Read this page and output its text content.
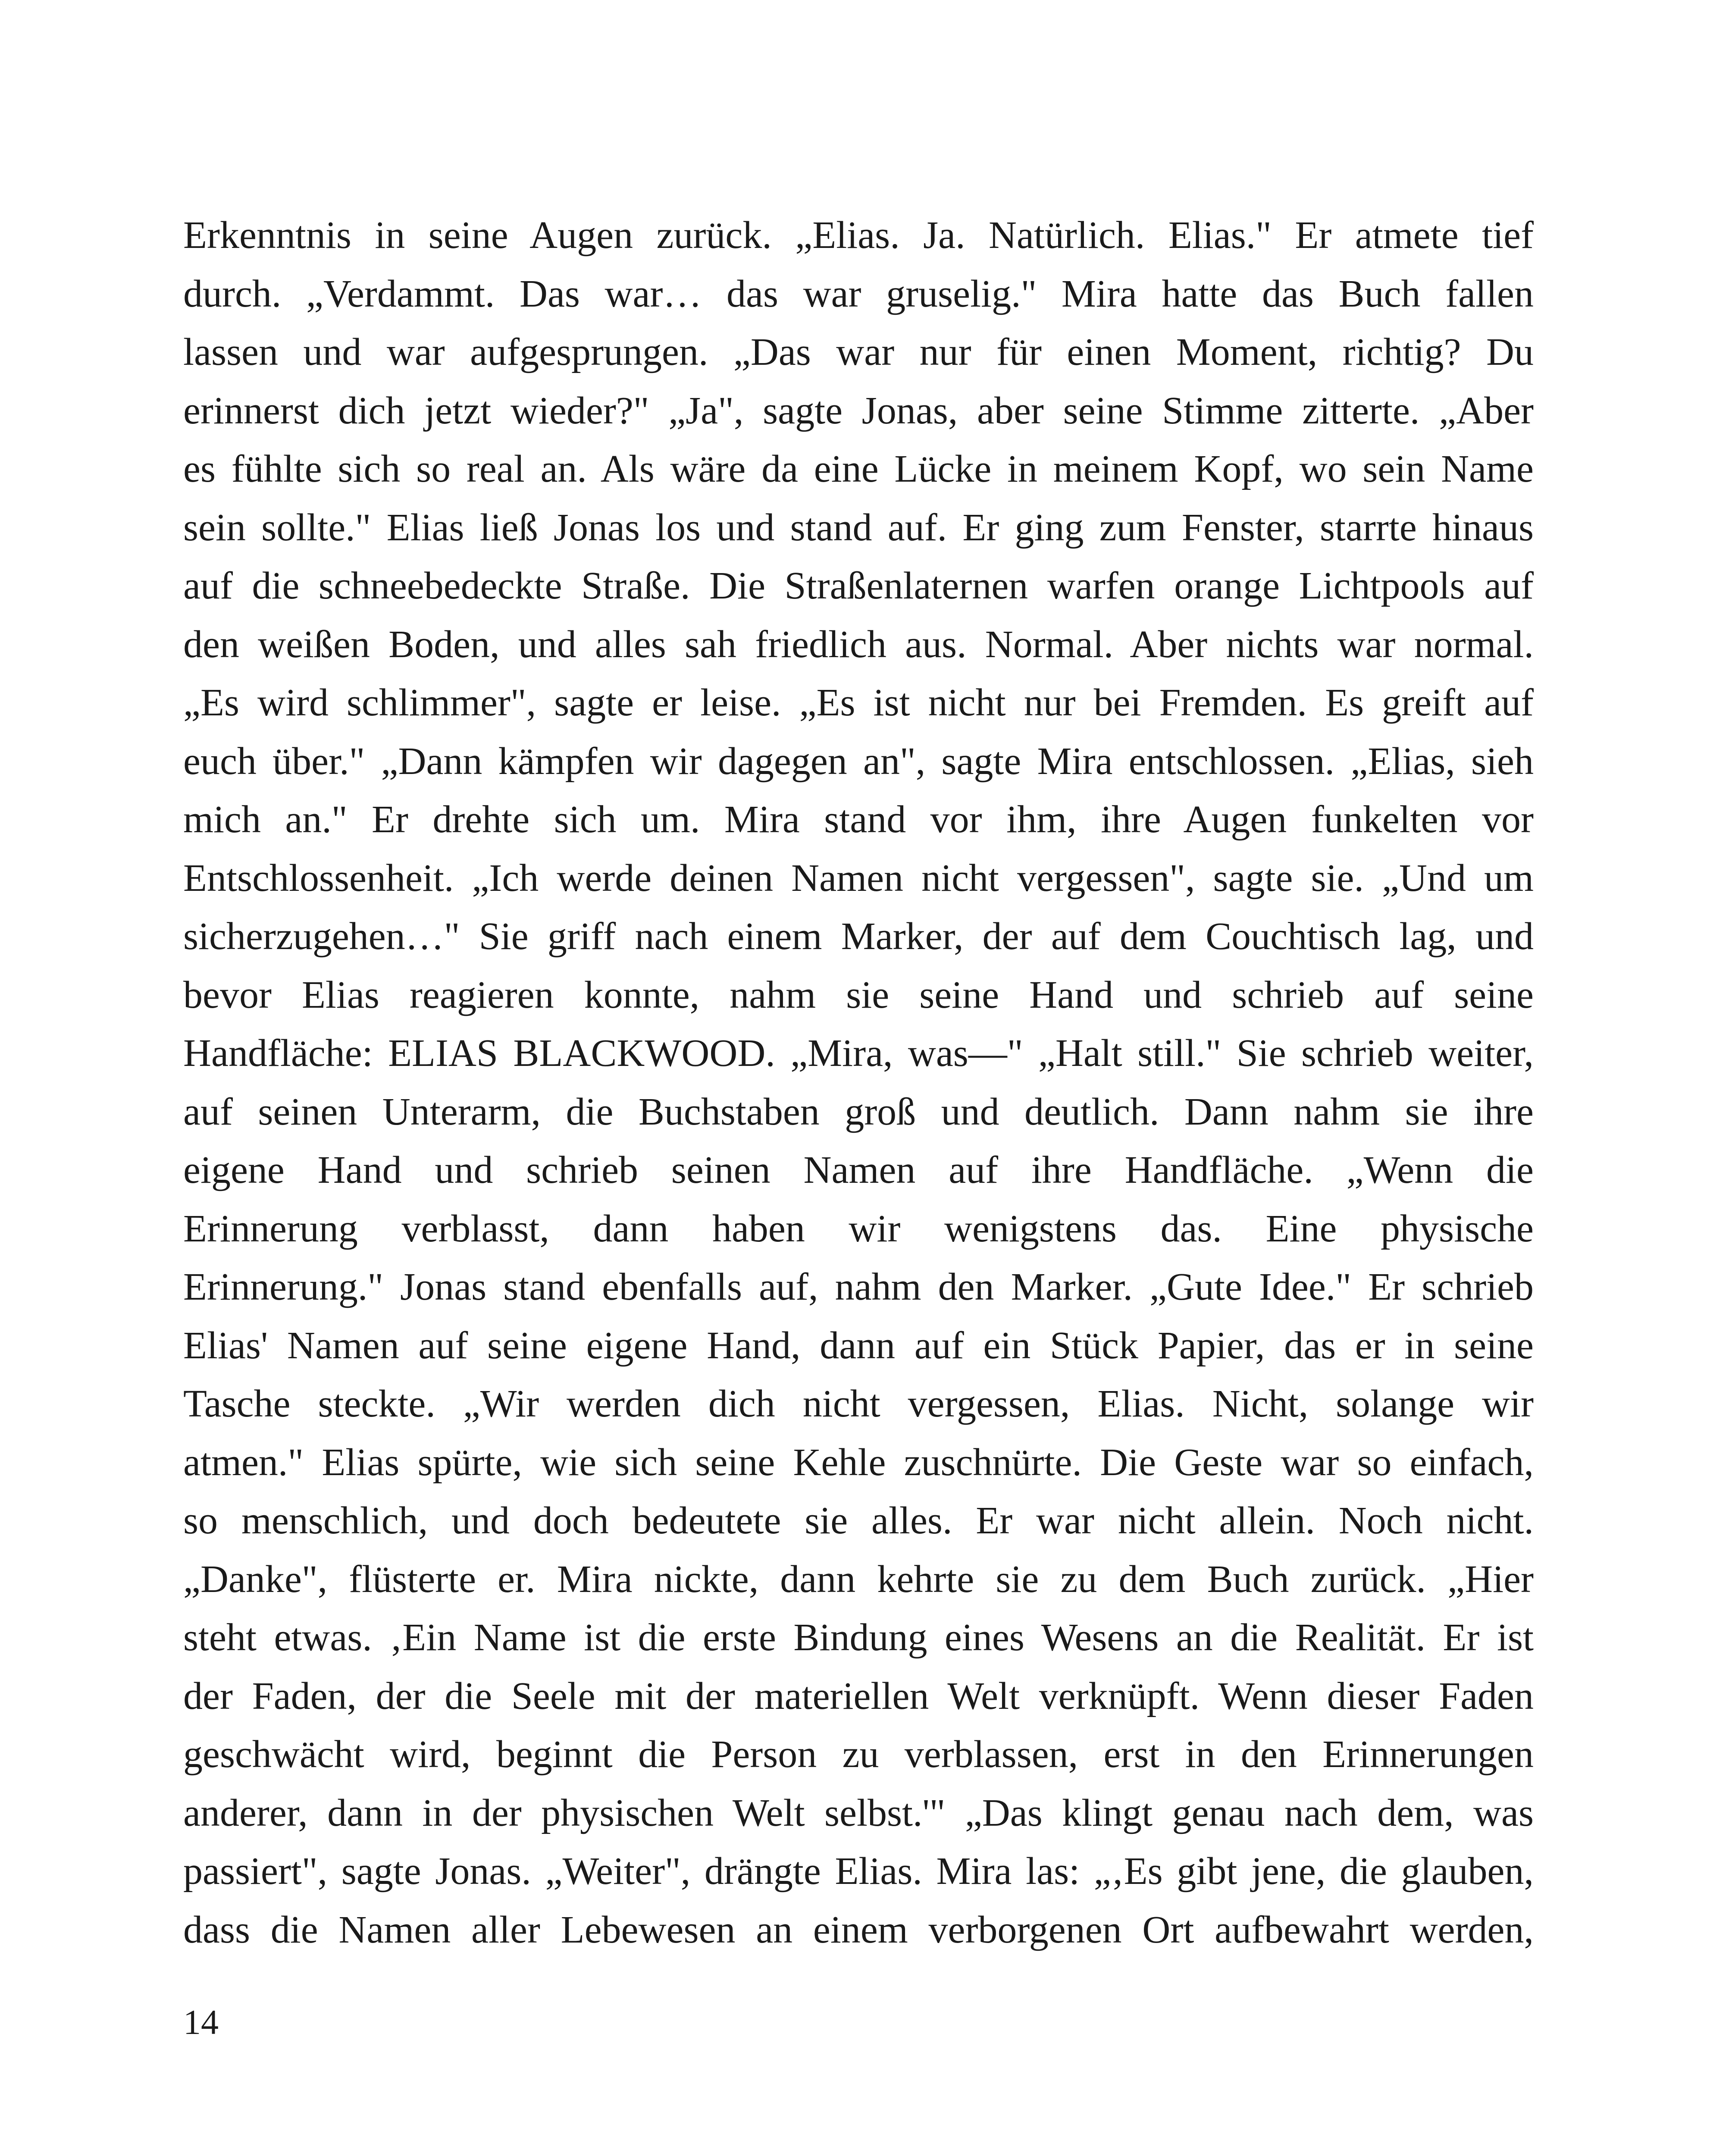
Erkenntnis in seine Augen zurück. „Elias. Ja. Natürlich. Elias." Er atmete tief
durch. „Verdammt. Das war… das war gruselig." Mira hatte das Buch fallen
lassen und war aufgesprungen. „Das war nur für einen Moment, richtig? Du
erinnerst dich jetzt wieder?" „Ja", sagte Jonas, aber seine Stimme zitterte. „Aber
es fühlte sich so real an. Als wäre da eine Lücke in meinem Kopf, wo sein Name
sein sollte." Elias ließ Jonas los und stand auf. Er ging zum Fenster, starrte hinaus
auf die schneebedeckte Straße. Die Straßenlaternen warfen orange Lichtpools auf
den weißen Boden, und alles sah friedlich aus. Normal. Aber nichts war normal.
„Es wird schlimmer", sagte er leise. „Es ist nicht nur bei Fremden. Es greift auf
euch über." „Dann kämpfen wir dagegen an", sagte Mira entschlossen. „Elias, sieh
mich an." Er drehte sich um. Mira stand vor ihm, ihre Augen funkelten vor
Entschlossenheit. „Ich werde deinen Namen nicht vergessen", sagte sie. „Und um
sicherzugehen…" Sie griff nach einem Marker, der auf dem Couchtisch lag, und
bevor Elias reagieren konnte, nahm sie seine Hand und schrieb auf seine
Handfläche: ELIAS BLACKWOOD. „Mira, was—" „Halt still." Sie schrieb weiter,
auf seinen Unterarm, die Buchstaben groß und deutlich. Dann nahm sie ihre
eigene Hand und schrieb seinen Namen auf ihre Handfläche. „Wenn die
Erinnerung verblasst, dann haben wir wenigstens das. Eine physische
Erinnerung." Jonas stand ebenfalls auf, nahm den Marker. „Gute Idee." Er schrieb
Elias' Namen auf seine eigene Hand, dann auf ein Stück Papier, das er in seine
Tasche steckte. „Wir werden dich nicht vergessen, Elias. Nicht, solange wir
atmen." Elias spürte, wie sich seine Kehle zuschnürte. Die Geste war so einfach,
so menschlich, und doch bedeutete sie alles. Er war nicht allein. Noch nicht.
„Danke", flüsterte er. Mira nickte, dann kehrte sie zu dem Buch zurück. „Hier
steht etwas. ‚Ein Name ist die erste Bindung eines Wesens an die Realität. Er ist
der Faden, der die Seele mit der materiellen Welt verknüpft. Wenn dieser Faden
geschwächt wird, beginnt die Person zu verblassen, erst in den Erinnerungen
anderer, dann in der physischen Welt selbst.'" „Das klingt genau nach dem, was
passiert", sagte Jonas. „Weiter", drängte Elias. Mira las: „‚Es gibt jene, die glauben,
dass die Namen aller Lebewesen an einem verborgenen Ort aufbewahrt werden,
14
